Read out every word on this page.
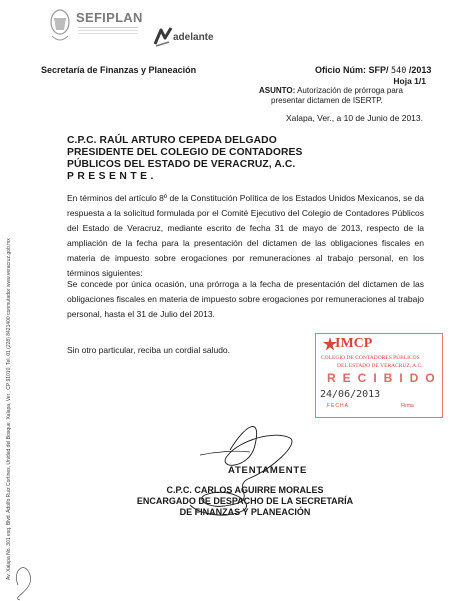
SEFIPLAN
adelante
Secretaría de Finanzas y Planeación	Oficio Núm: SFP/ 540 /2013
Hoja 1/1
ASUNTO: Autorización de prórroga para
presentar dictamen de ISERTP.
Xalapa, Ver., a 10 de Junio de 2013.
C.P.C. RAÚL ARTURO CEPEDA DELGADO
PRESIDENTE DEL COLEGIO DE CONTADORES
PÚBLICOS DEL ESTADO DE VERACRUZ, A.C.
PRESENTE.
En términos del artículo 8º de la Constitución Política de los Estados Unidos Mexicanos, se da respuesta a la solicitud formulada por el Comité Ejecutivo del Colegio de Contadores Públicos del Estado de Veracruz, mediante escrito de fecha 31 de mayo de 2013, respecto de la ampliación de la fecha para la presentación del dictamen de las obligaciones fiscales en materia de impuesto sobre erogaciones por remuneraciones al trabajo personal, en los términos siguientes:
Se concede por única ocasión, una prórroga a la fecha de presentación del dictamen de las obligaciones fiscales en materia de impuesto sobre erogaciones por remuneraciones al trabajo personal, hasta el 31 de Julio del 2013.
Sin otro particular, reciba un cordial saludo.	IMCP
COLEGIO DE CONTADORES PÚBLICOS
DEL ESTADO DE VERACRUZ, A.C.
RECIBIDO
24/06/2013
FECHA	Firma
ATENTAMENTE
C.P.C. CARLOS AGUIRRE MORALES
ENCARGADO DE DESPACHO DE LA SECRETARÍA
DE FINANZAS Y PLANEACIÓN
Av. Xalapa No. 301 esq. Blvd. Adolfo Ruiz Cortines, Unidad del Bosque, Xalapa, Ver., CP 91010, Tel. 01 (228) 8421400 conmutador www.veracruz.gob.mx
